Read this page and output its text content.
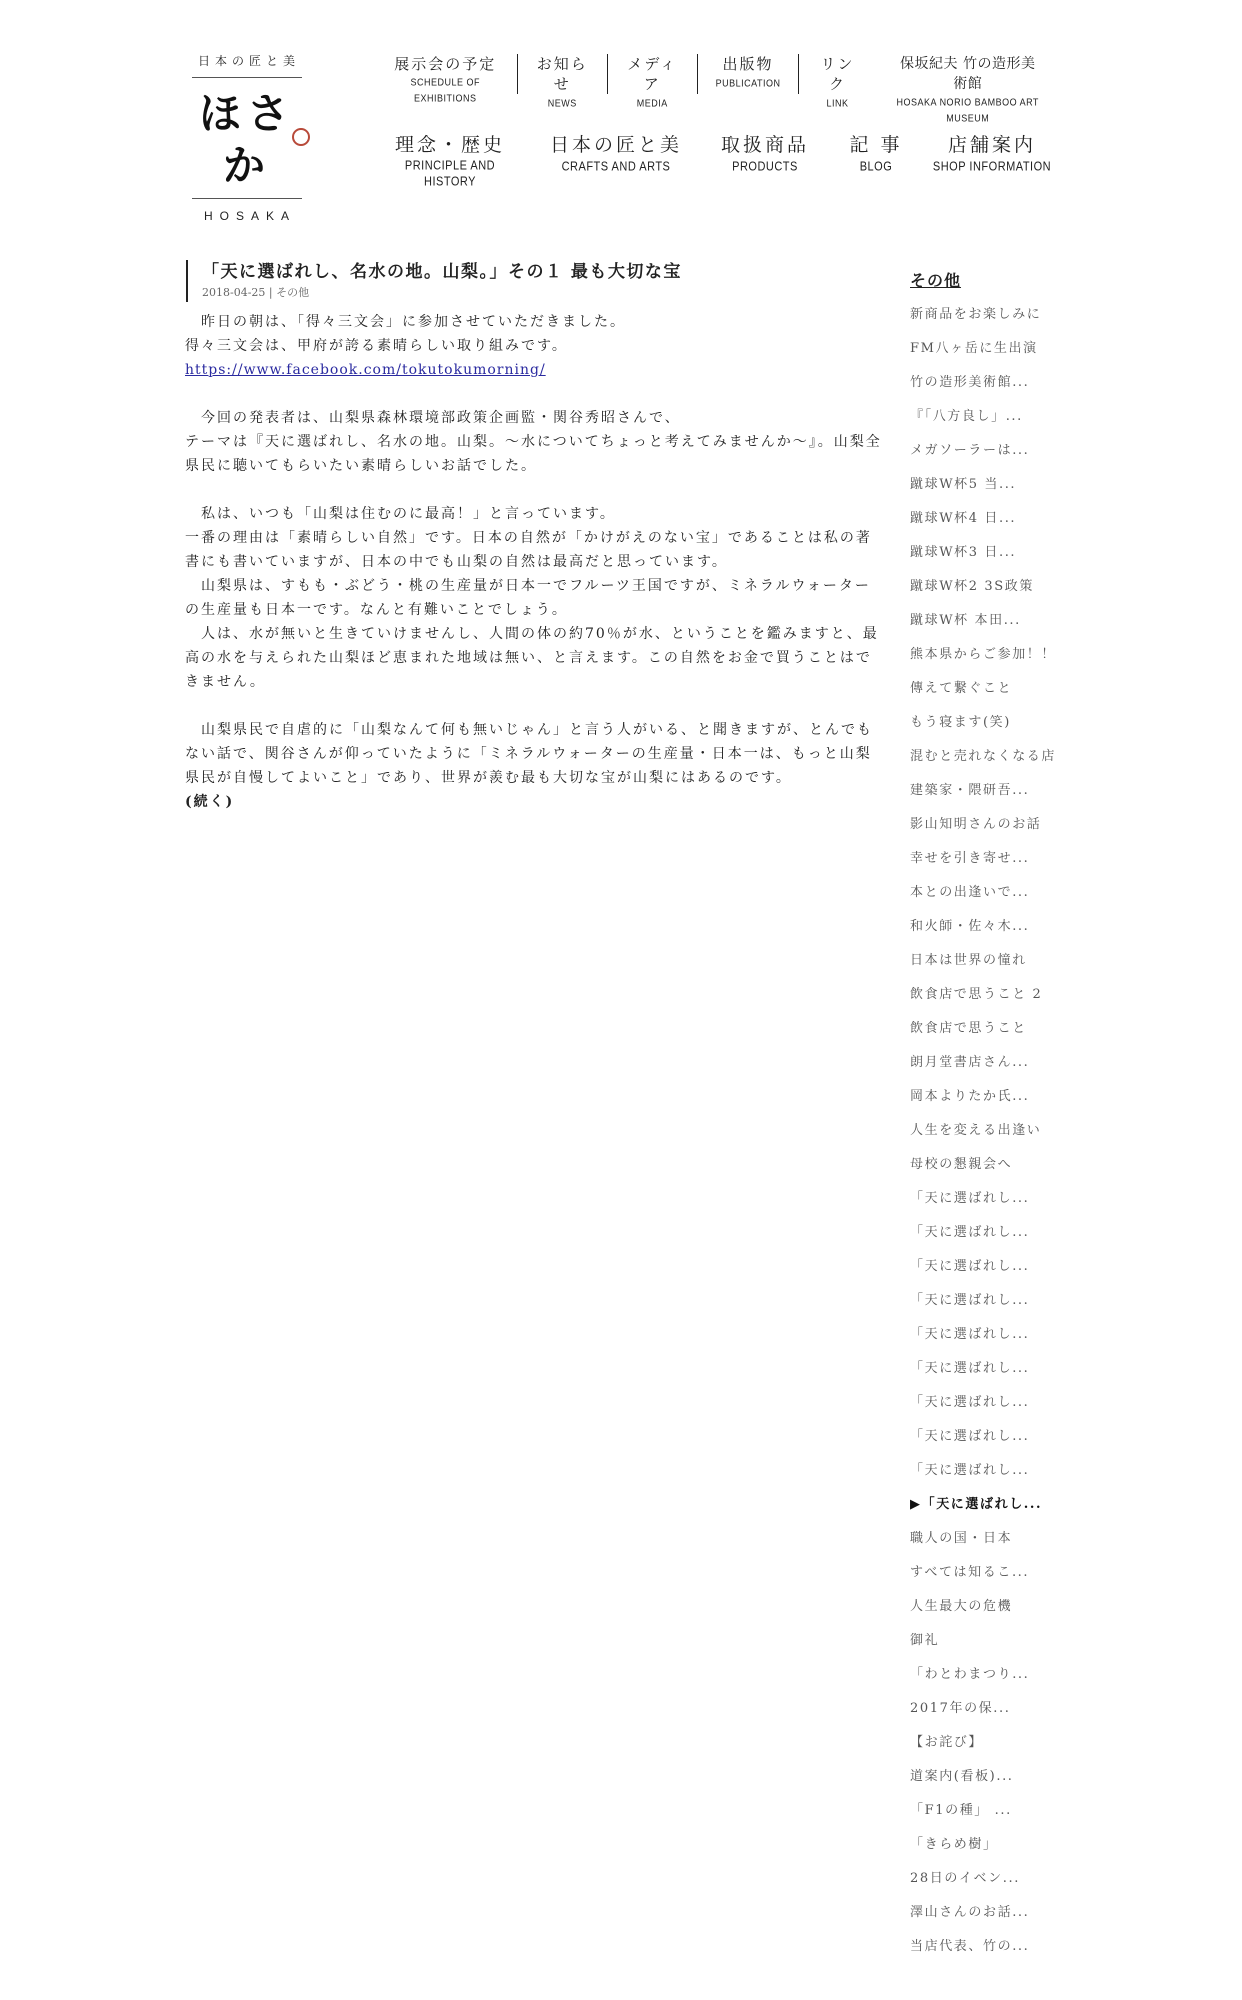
日本の匠と美
ほさか
HOSAKA
展示会の予定
SCHEDULE OF EXHIBITIONS
お知らせ
NEWS
メディア
MEDIA
出版物
PUBLICATION
リンク
LINK
保坂紀夫 竹の造形美術館
HOSAKA NORIO BAMBOO ART MUSEUM
理念・歴史
PRINCIPLE AND HISTORY
日本の匠と美
CRAFTS AND ARTS
取扱商品
PRODUCTS
記 事
BLOG
店舗案内
SHOP INFORMATION
「天に選ばれし、名水の地。山梨。」その１ 最も大切な宝
2018-04-25 | その他

　昨日の朝は、「得々三文会」に参加させていただきました。

得々三文会は、甲府が誇る素晴らしい取り組みです。

https://www.facebook.com/tokutokumorning/

　今回の発表者は、山梨県森林環境部政策企画監・関谷秀昭さんで、

テーマは『天に選ばれし、名水の地。山梨。～水についてちょっと考えてみませんか～』。山梨全県民に聴いてもらいたい素晴らしいお話でした。

　私は、いつも「山梨は住むのに最高！」と言っています。

一番の理由は「素晴らしい自然」です。日本の自然が「かけがえのない宝」であることは私の著書にも書いていますが、日本の中でも山梨の自然は最高だと思っています。

　山梨県は、すもも・ぶどう・桃の生産量が日本一でフルーツ王国ですが、ミネラルウォーターの生産量も日本一です。なんと有難いことでしょう。

　人は、水が無いと生きていけませんし、人間の体の約70％が水、ということを鑑みますと、最高の水を与えられた山梨ほど恵まれた地域は無い、と言えます。この自然をお金で買うことはできません。

　山梨県民で自虐的に「山梨なんて何も無いじゃん」と言う人がいる、と聞きますが、とんでもない話で、関谷さんが仰っていたように「ミネラルウォーターの生産量・日本一は、もっと山梨県民が自慢してよいこと」であり、世界が羨む最も大切な宝が山梨にはあるのです。

(続く)

その他
新商品をお楽しみに
FM八ヶ岳に生出演
竹の造形美術館...
『「八方良し」...
メガソーラーは...
蹴球W杯5 当...
蹴球W杯4 日...
蹴球W杯3 日...
蹴球W杯2 3S政策
蹴球W杯 本田...
熊本県からご参加！！
傳えて繋ぐこと
もう寝ます(笑)
混むと売れなくなる店
建築家・隈研吾...
影山知明さんのお話
幸せを引き寄せ...
本との出逢いで...
和火師・佐々木...
日本は世界の憧れ
飲食店で思うこと 2
飲食店で思うこと
朗月堂書店さん...
岡本よりたか氏...
人生を変える出逢い
母校の懇親会へ
「天に選ばれし...
「天に選ばれし...
「天に選ばれし...
「天に選ばれし...
「天に選ばれし...
「天に選ばれし...
「天に選ばれし...
「天に選ばれし...
「天に選ばれし...
▶「天に選ばれし...
職人の国・日本
すべては知るこ...
人生最大の危機
御礼
「わとわまつり...
2017年の保...
【お詫び】
道案内(看板)...
「F1の種」 ...
「きらめ樹」
28日のイベン...
澤山さんのお話...
当店代表、竹の...
